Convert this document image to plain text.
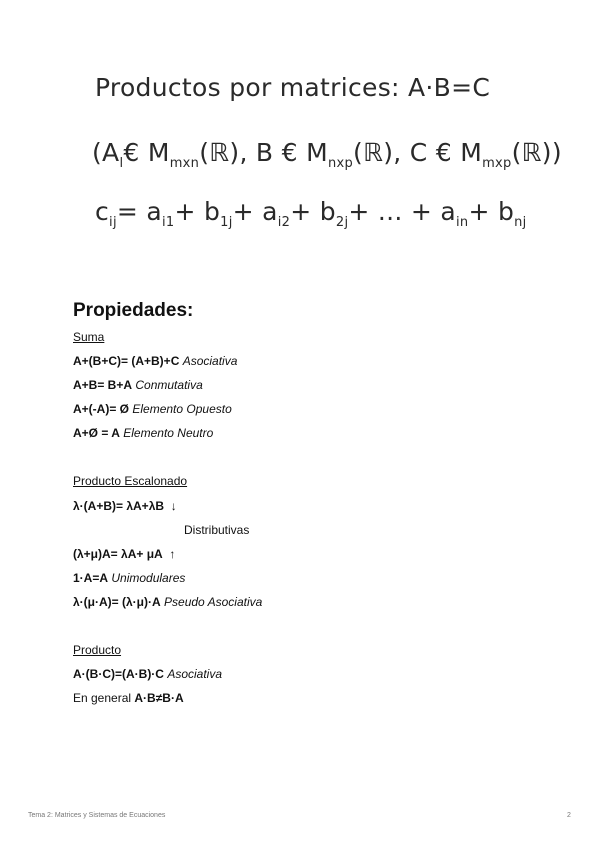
Productos por matrices: A·B=C
($A_l€$ $M_{mxn}(ℝ)$, B € $M_{nxp}(ℝ)$, C € $M_{mxp}(ℝ)$)
$c_{ij}= a_{i1}+ b_{1j}+ a_{i2}+ b_{2j}+$ ... + $a_{in}+ b_{nj}$
Propiedades:
Suma
A+(B+C)= (A+B)+C Asociativa
A+B= B+A Conmutativa
A+(-A)= Ø Elemento Opuesto
A+Ø = A Elemento Neutro
Producto Escalonado
λ·(A+B)= λA+λB ↓
Distributivas
(λ+μ)A= λA+ μA ↑
1·A=A Unimodulares
λ·(μ·A)= (λ·μ)·A Pseudo Asociativa
Producto
A·(B·C)=(A·B)·C Asociativa
En general A·B≠B·A
Tema 2: Matrices y Sistemas de Ecuaciones	2
